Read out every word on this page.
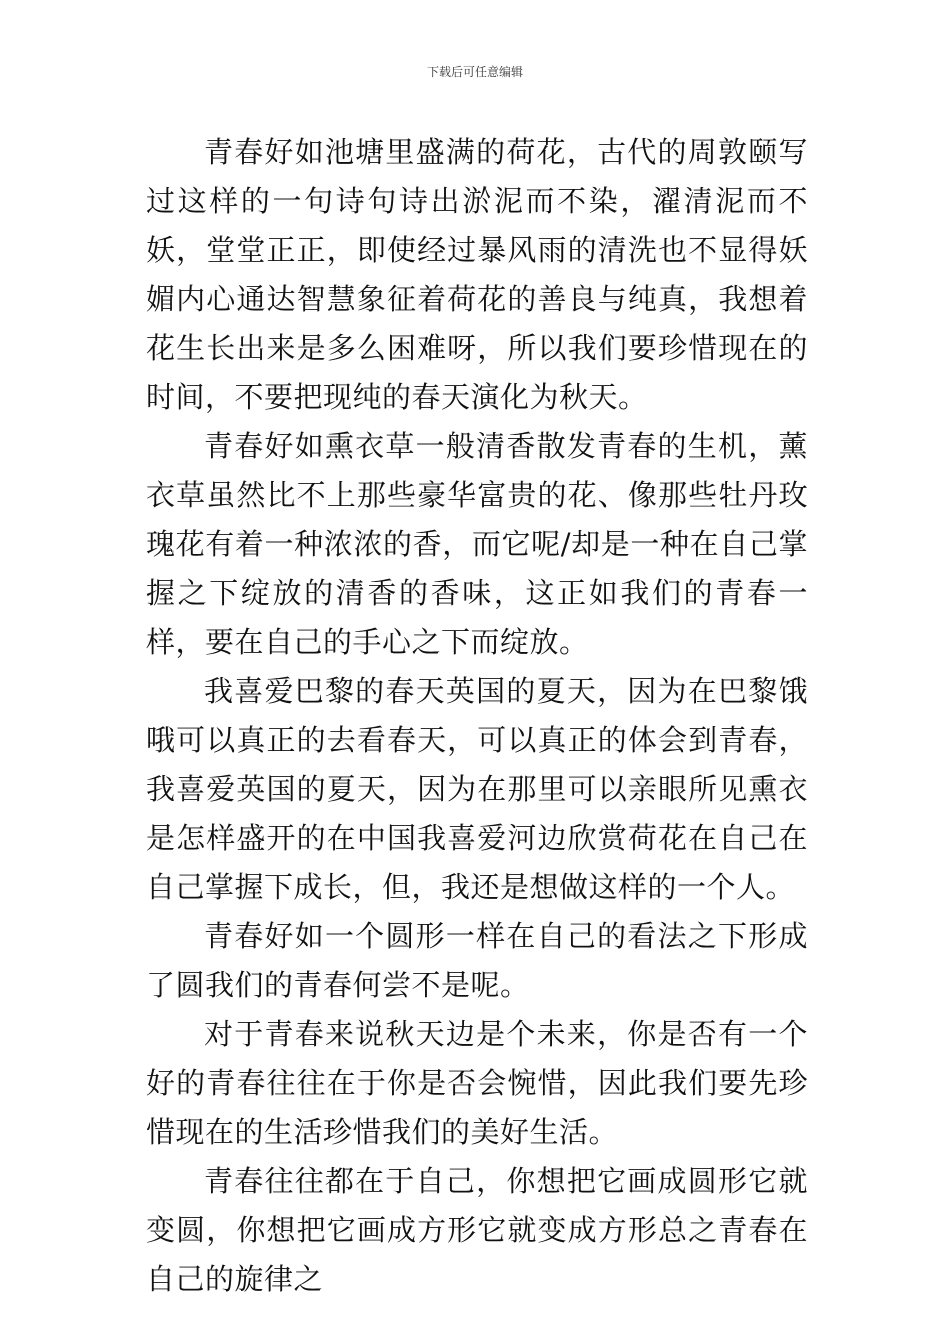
下载后可任意编辑

青春好如池塘里盛满的荷花，古代的周敦颐写过这样的一句诗句诗出淤泥而不染，濯清泥而不妖，堂堂正正，即使经过暴风雨的清洗也不显得妖媚内心通达智慧象征着荷花的善良与纯真，我想着花生长出来是多么困难呀，所以我们要珍惜现在的时间，不要把现纯的春天演化为秋天。

青春好如熏衣草一般清香散发青春的生机，薰衣草虽然比不上那些豪华富贵的花、像那些牡丹玫瑰花有着一种浓浓的香，而它呢/却是一种在自己掌握之下绽放的清香的香味，这正如我们的青春一样，要在自己的手心之下而绽放。

我喜爱巴黎的春天英国的夏天，因为在巴黎饿哦可以真正的去看春天，可以真正的体会到青春，我喜爱英国的夏天，因为在那里可以亲眼所见熏衣是怎样盛开的在中国我喜爱河边欣赏荷花在自己在自己掌握下成长，但，我还是想做这样的一个人。

青春好如一个圆形一样在自己的看法之下形成了圆我们的青春何尝不是呢。

对于青春来说秋天边是个未来，你是否有一个好的青春往往在于你是否会惋惜，因此我们要先珍惜现在的生活珍惜我们的美好生活。

青春往往都在于自己，你想把它画成圆形它就变圆，你想把它画成方形它就变成方形总之青春在自己的旋律之
